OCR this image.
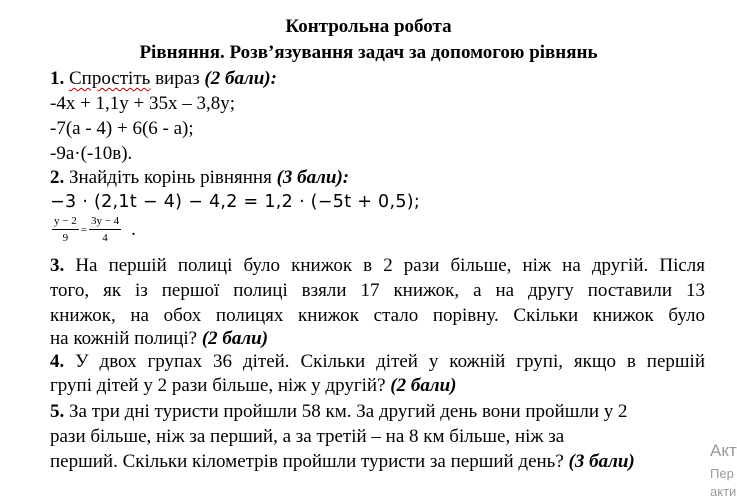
Контрольна робота
Рівняння. Розв’язування задач за допомогою рівнянь
1. Спростіть вираз (2 бали):
-4x + 1,1y + 35x – 3,8y;
-7(a - 4) + 6(6 - a);
-9a·(-10в).
2. Знайдіть корінь рівняння (3 бали):
−3 ⋅ (2,1t − 4) − 4,2 = 1,2 ⋅ (−5t + 0,5);
$\frac{y - 2}{9} = \frac{3y - 4}{4}$ .
3. На першій полиці було книжок в 2 рази більше, ніж на другій. Після
того, як із першої полиці взяли 17 книжок, а на другу поставили 13
книжок, на обох полицях книжок стало порівну. Скільки книжок було
на кожній полиці? (2 бали)
4. У двох групах 36 дітей. Скільки дітей у кожній групі, якщо в першій
групі дітей у 2 рази більше, ніж у другій? (2 бали)
5. За три дні туристи пройшли 58 км. За другий день вони пройшли у 2
рази більше, ніж за перший, а за третій – на 8 км більше, ніж за
перший. Скільки кілометрів пройшли туристи за перший день? (3 бали)
Акт
Пер
акти
